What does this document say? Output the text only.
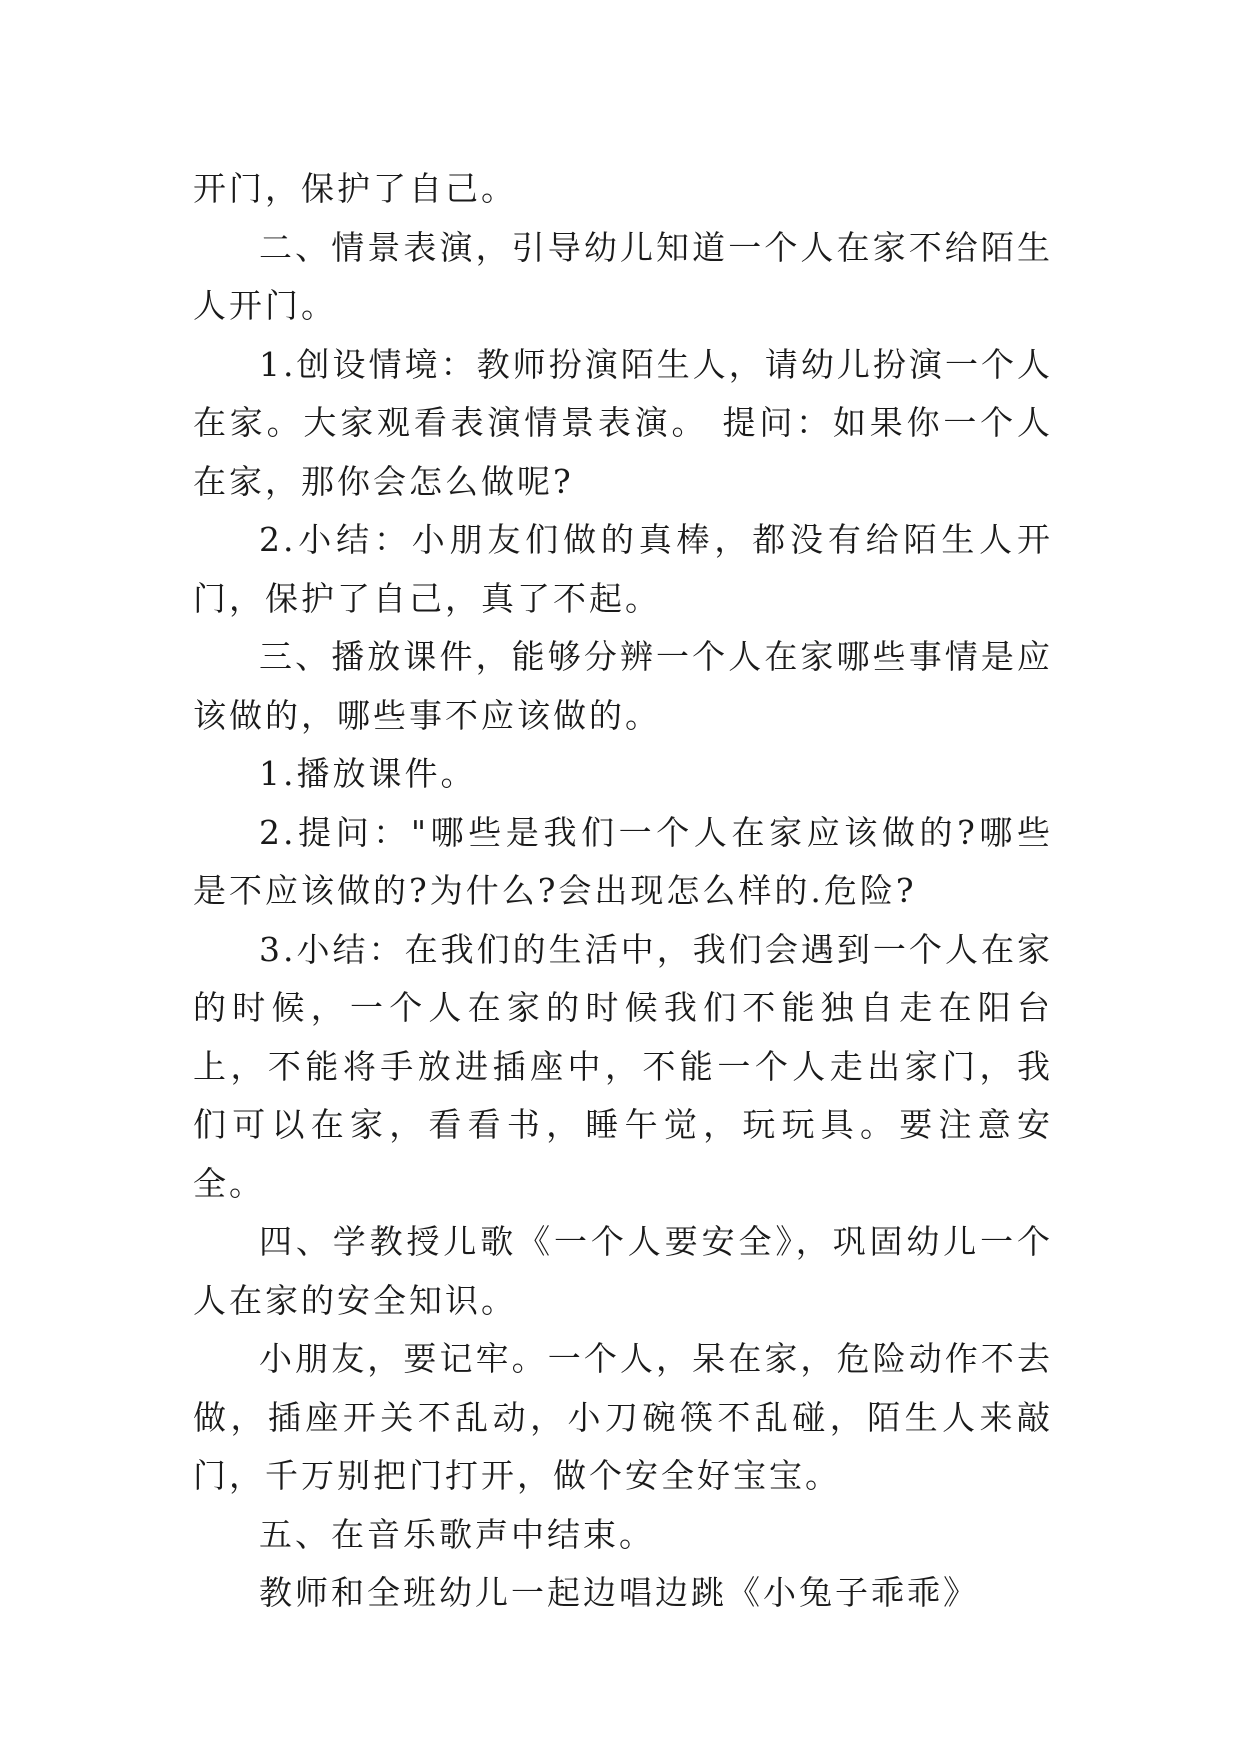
开门，保护了自己。

二、情景表演，引导幼儿知道一个人在家不给陌生人开门。

1.创设情境：教师扮演陌生人，请幼儿扮演一个人在家。大家观看表演情景表演。 提问：如果你一个人在家，那你会怎么做呢?

2.小结：小朋友们做的真棒，都没有给陌生人开门，保护了自己，真了不起。

三、播放课件，能够分辨一个人在家哪些事情是应该做的，哪些事不应该做的。

1.播放课件。

2.提问："哪些是我们一个人在家应该做的?哪些是不应该做的?为什么?会出现怎么样的.危险?

3.小结：在我们的生活中，我们会遇到一个人在家的时候，一个人在家的时候我们不能独自走在阳台上，不能将手放进插座中，不能一个人走出家门，我们可以在家，看看书，睡午觉，玩玩具。要注意安全。

四、学教授儿歌《一个人要安全》，巩固幼儿一个人在家的安全知识。

小朋友，要记牢。一个人，呆在家，危险动作不去做，插座开关不乱动，小刀碗筷不乱碰，陌生人来敲门，千万别把门打开，做个安全好宝宝。

五、在音乐歌声中结束。

教师和全班幼儿一起边唱边跳《小兔子乖乖》
